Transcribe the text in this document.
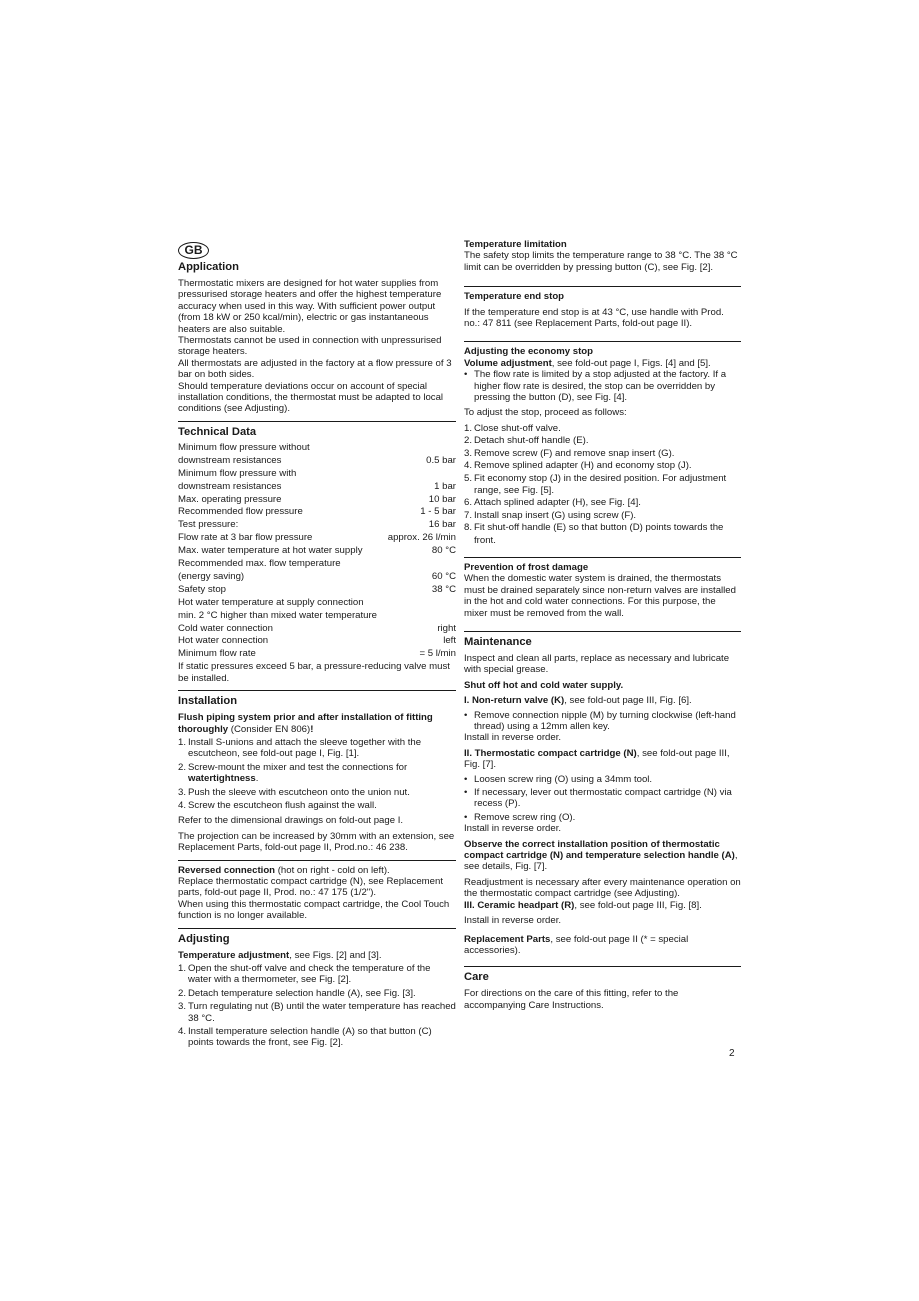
GB
Application

Thermostatic mixers are designed for hot water supplies from pressurised storage heaters and offer the highest temperature accuracy when used in this way. With sufficient power output (from 18 kW or 250 kcal/min), electric or gas instantaneous heaters are also suitable.

Thermostats cannot be used in connection with unpressurised storage heaters.

All thermostats are adjusted in the factory at a flow pressure of 3 bar on both sides.

Should temperature deviations occur on account of special installation conditions, the thermostat must be adapted to local conditions (see Adjusting).

Technical Data
Minimum flow pressure without
downstream resistances	0.5 bar
Minimum flow pressure with
downstream resistances	1 bar
Max. operating pressure	10 bar
Recommended flow pressure	1 - 5 bar
Test pressure:	16 bar
Flow rate at 3 bar flow pressure	approx. 26 l/min
Max. water temperature at hot water supply	80 °C
Recommended max. flow temperature
(energy saving)	60 °C
Safety stop	38 °C
Hot water temperature at supply connection
min. 2 °C higher than mixed water temperature
Cold water connection	right
Hot water connection	left
Minimum flow rate	= 5 l/min

If static pressures exceed 5 bar, a pressure-reducing valve must be installed.

Installation

Flush piping system prior and after installation of fitting thoroughly (Consider EN 806)!

1. Install S-unions and attach the sleeve together with the escutcheon, see fold-out page I, Fig. [1].
2. Screw-mount the mixer and test the connections for watertightness.
3. Push the sleeve with escutcheon onto the union nut.
4. Screw the escutcheon flush against the wall.

Refer to the dimensional drawings on fold-out page I.

The projection can be increased by 30mm with an extension, see Replacement Parts, fold-out page II, Prod.no.: 46 238.

Reversed connection (hot on right - cold on left).

Replace thermostatic compact cartridge (N), see Replacement parts, fold-out page II, Prod. no.: 47 175 (1/2").

When using this thermostatic compact cartridge, the Cool Touch function is no longer available.

Adjusting

Temperature adjustment, see Figs. [2] and [3].

1. Open the shut-off valve and check the temperature of the water with a thermometer, see Fig. [2].
2. Detach temperature selection handle (A), see Fig. [3].
3. Turn regulating nut (B) until the water temperature has reached 38 °C.
4. Install temperature selection handle (A) so that button (C) points towards the front, see Fig. [2].
Temperature limitation

The safety stop limits the temperature range to 38 °C. The 38 °C limit can be overridden by pressing button (C), see Fig. [2].

Temperature end stop

If the temperature end stop is at 43 °C, use handle with Prod. no.: 47 811 (see Replacement Parts, fold-out page II).

Adjusting the economy stop

Volume adjustment, see fold-out page I, Figs. [4] and [5].

• The flow rate is limited by a stop adjusted at the factory. If a higher flow rate is desired, the stop can be overridden by pressing the button (D), see Fig. [4].

To adjust the stop, proceed as follows:

1. Close shut-off valve.
2. Detach shut-off handle (E).
3. Remove screw (F) and remove snap insert (G).
4. Remove splined adapter (H) and economy stop (J).
5. Fit economy stop (J) in the desired position. For adjustment range, see Fig. [5].
6. Attach splined adapter (H), see Fig. [4].
7. Install snap insert (G) using screw (F).
8. Fit shut-off handle (E) so that button (D) points towards the front.
Prevention of frost damage

When the domestic water system is drained, the thermostats must be drained separately since non-return valves are installed in the hot and cold water connections. For this purpose, the mixer must be removed from the wall.

Maintenance

Inspect and clean all parts, replace as necessary and lubricate with special grease.

Shut off hot and cold water supply.

I. Non-return valve (K), see fold-out page III, Fig. [6].

• Remove connection nipple (M) by turning clockwise (left-hand thread) using a 12mm allen key.

Install in reverse order.

II. Thermostatic compact cartridge (N), see fold-out page III, Fig. [7].

• Loosen screw ring (O) using a 34mm tool.
• If necessary, lever out thermostatic compact cartridge (N) via recess (P).
• Remove screw ring (O).

Install in reverse order.

Observe the correct installation position of thermostatic compact cartridge (N) and temperature selection handle (A), see details, Fig. [7].

Readjustment is necessary after every maintenance operation on the thermostatic compact cartridge (see Adjusting).

III. Ceramic headpart (R), see fold-out page III, Fig. [8].

Install in reverse order.

Replacement Parts, see fold-out page II (* = special accessories).

Care

For directions on the care of this fitting, refer to the accompanying Care Instructions.

2
